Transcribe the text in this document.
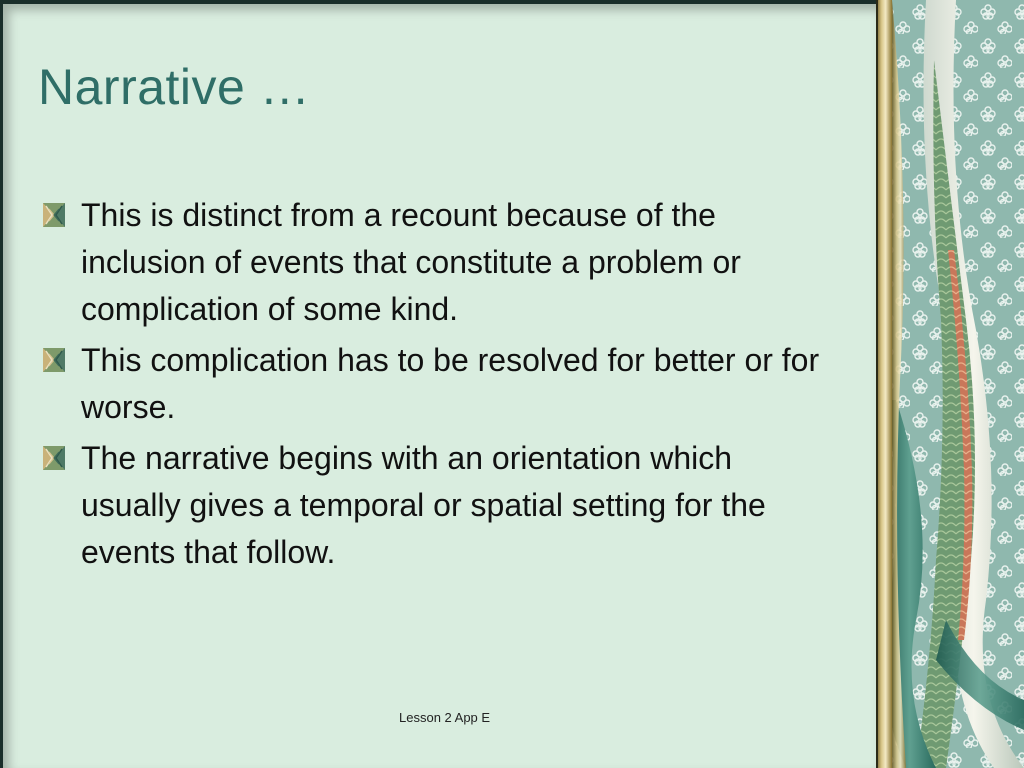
Narrative …
This is distinct from a recount because of the inclusion of events that constitute a problem or complication of some kind.
This complication has to be resolved for better or for worse.
The narrative begins with an orientation which usually gives a temporal or spatial setting for the events that follow.
Lesson 2 App E
